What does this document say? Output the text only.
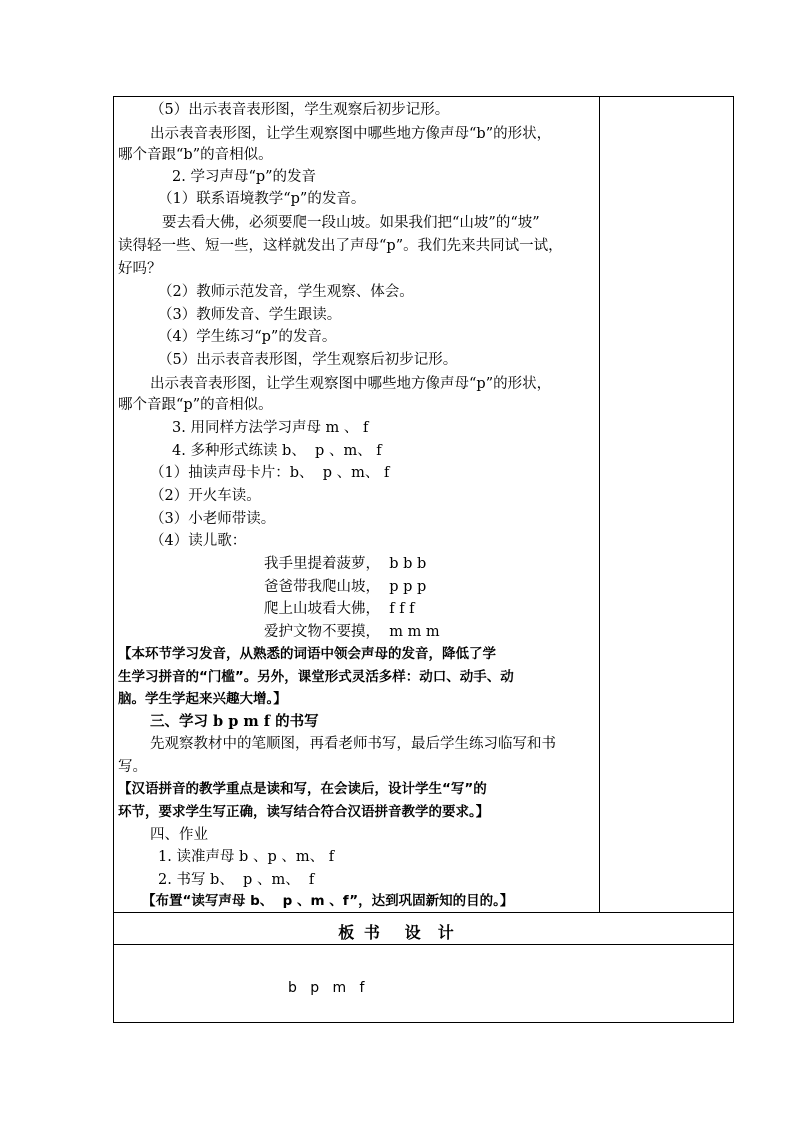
（5）出示表音表形图，学生观察后初步记形。
出示表音表形图，让学生观察图中哪些地方像声母“b”的形状，
哪个音跟“b”的音相似。
2. 学习声母“p”的发音
（1）联系语境教学“p”的发音。
要去看大佛，必须要爬一段山坡。如果我们把“山坡”的“坡”
读得轻一些、短一些，这样就发出了声母“p”。我们先来共同试一试，
好吗？
（2）教师示范发音，学生观察、体会。
（3）教师发音、学生跟读。
（4）学生练习“p”的发音。
（5）出示表音表形图，学生观察后初步记形。
出示表音表形图，让学生观察图中哪些地方像声母“p”的形状，
哪个音跟“p”的音相似。
3. 用同样方法学习声母 m 、 f
4. 多种形式练读 b、  p 、m、 f
（1）抽读声母卡片：b、  p 、m、 f
（2）开火车读。
（3）小老师带读。
（4）读儿歌：
我手里提着菠萝，  b b b
爸爸带我爬山坡，  p p p
爬上山坡看大佛，  f f f
爱护文物不要摸，  m m m
【本环节学习发音，从熟悉的词语中领会声母的发音，降低了学
生学习拼音的“门槛”。另外，课堂形式灵活多样：动口、动手、动
脑。学生学起来兴趣大增。】
三、学习 b p m f 的书写
先观察教材中的笔顺图，再看老师书写，最后学生练习临写和书
写。
【汉语拼音的教学重点是读和写，在会读后，设计学生“写”的
环节，要求学生写正确，读写结合符合汉语拼音教学的要求。】
四、作业
1. 读准声母 b 、p 、m、 f
2. 书写 b、  p 、m、  f
【布置“读写声母 b、  p 、m 、f”，达到巩固新知的目的。】
板 书   设  计
b   p   m   f
